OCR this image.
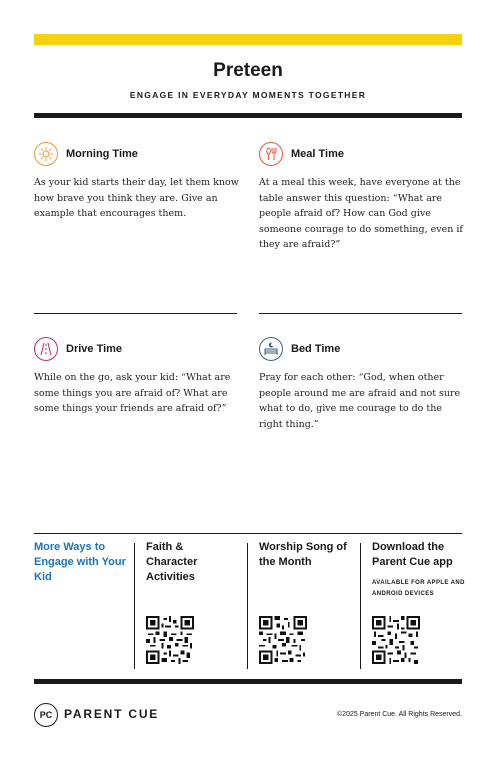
Preteen
ENGAGE IN EVERYDAY MOMENTS TOGETHER
Morning Time
As your kid starts their day, let them know how brave you think they are. Give an example that encourages them.
Meal Time
At a meal this week, have everyone at the table answer this question: “What are people afraid of? How can God give someone courage to do something, even if they are afraid?”
Drive Time
While on the go, ask your kid: “What are some things you are afraid of? What are some things your friends are afraid of?”
Bed Time
Pray for each other: “God, when other people around me are afraid and not sure what to do, give me courage to do the right thing.”
More Ways to Engage with Your Kid
Faith & Character Activities
Worship Song of the Month
Download the Parent Cue app
AVAILABLE FOR APPLE AND ANDROID DEVICES
PC PARENT CUE	©2025 Parent Cue. All Rights Reserved.
